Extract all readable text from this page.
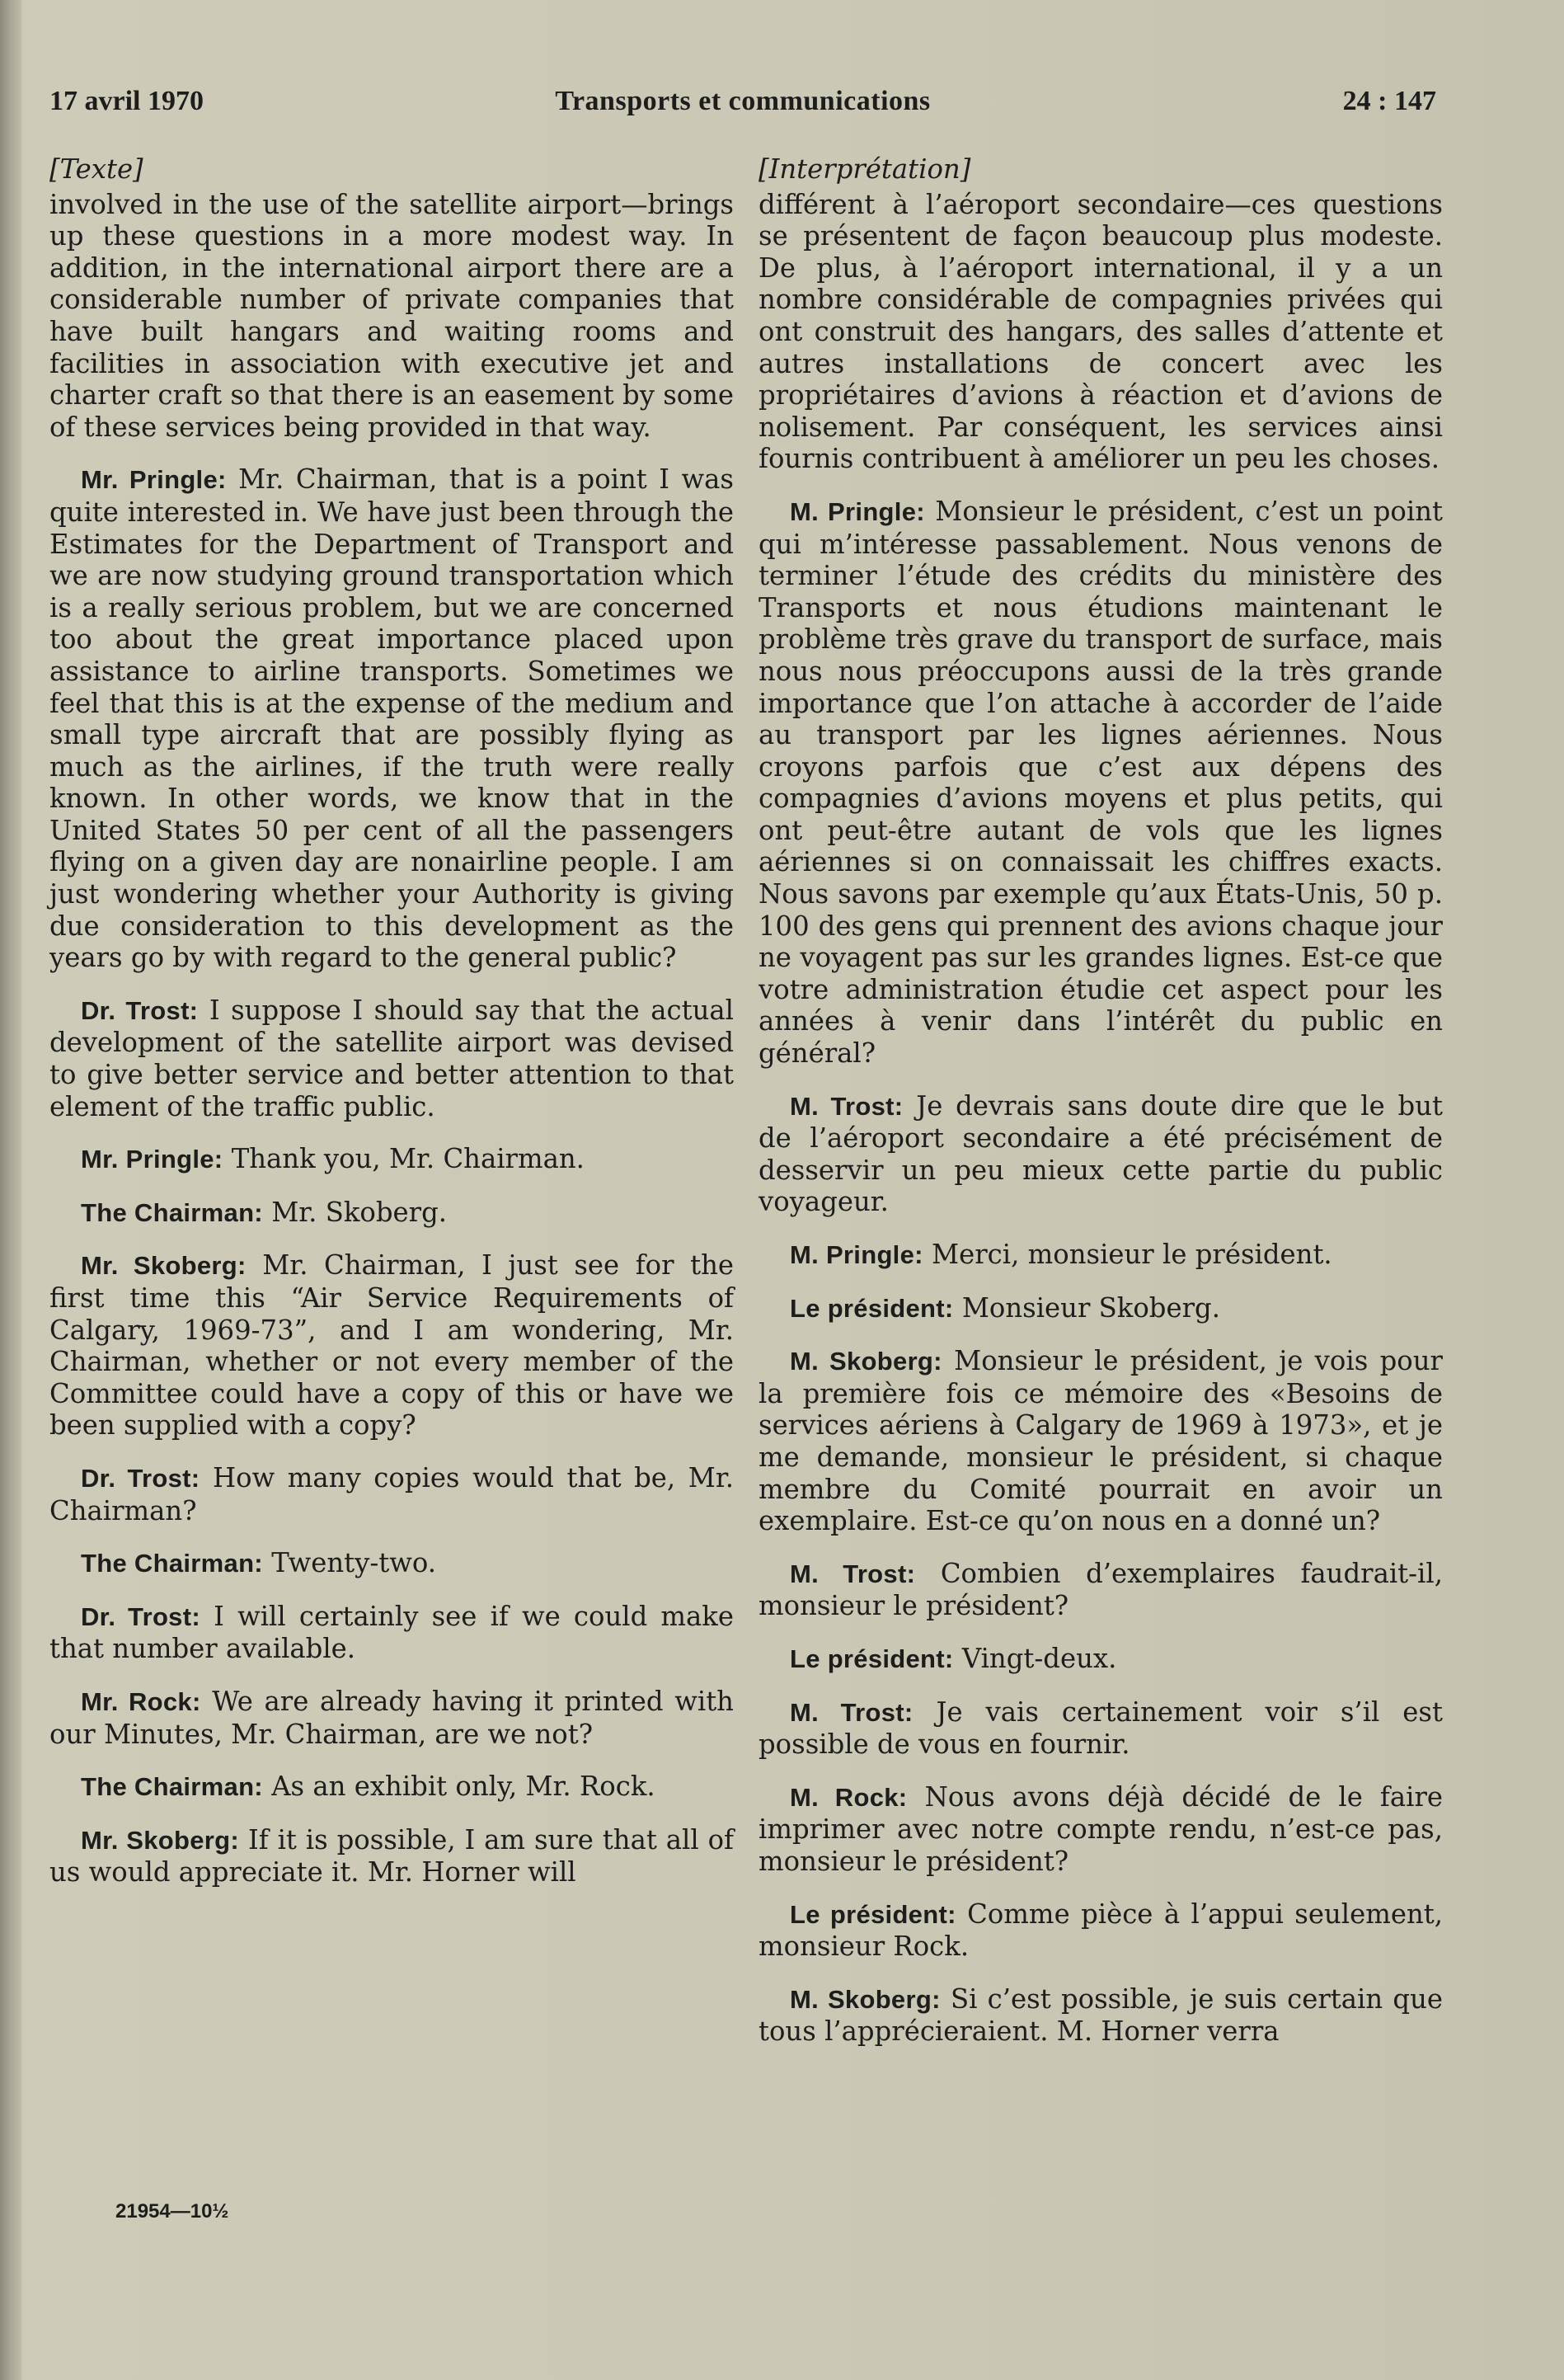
17 avril 1970	Transports et communications	24 : 147
[Texte]

involved in the use of the satellite airport—brings up these questions in a more modest way. In addition, in the international airport there are a considerable number of private companies that have built hangars and waiting rooms and facilities in association with executive jet and charter craft so that there is an easement by some of these services being provided in that way.

Mr. Pringle: Mr. Chairman, that is a point I was quite interested in. We have just been through the Estimates for the Department of Transport and we are now studying ground transportation which is a really serious problem, but we are concerned too about the great importance placed upon assistance to airline transports. Sometimes we feel that this is at the expense of the medium and small type aircraft that are possibly flying as much as the airlines, if the truth were really known. In other words, we know that in the United States 50 per cent of all the passengers flying on a given day are nonairline people. I am just wondering whether your Authority is giving due consideration to this development as the years go by with regard to the general public?

Dr. Trost: I suppose I should say that the actual development of the satellite airport was devised to give better service and better attention to that element of the traffic public.

Mr. Pringle: Thank you, Mr. Chairman.

The Chairman: Mr. Skoberg.

Mr. Skoberg: Mr. Chairman, I just see for the first time this “Air Service Requirements of Calgary, 1969-73”, and I am wondering, Mr. Chairman, whether or not every member of the Committee could have a copy of this or have we been supplied with a copy?

Dr. Trost: How many copies would that be, Mr. Chairman?

The Chairman: Twenty-two.

Dr. Trost: I will certainly see if we could make that number available.

Mr. Rock: We are already having it printed with our Minutes, Mr. Chairman, are we not?

The Chairman: As an exhibit only, Mr. Rock.

Mr. Skoberg: If it is possible, I am sure that all of us would appreciate it. Mr. Horner will

[Interprétation]

différent à l’aéroport secondaire—ces questions se présentent de façon beaucoup plus modeste. De plus, à l’aéroport international, il y a un nombre considérable de compagnies privées qui ont construit des hangars, des salles d’attente et autres installations de concert avec les propriétaires d’avions à réaction et d’avions de nolisement. Par conséquent, les services ainsi fournis contribuent à améliorer un peu les choses.

M. Pringle: Monsieur le président, c’est un point qui m’intéresse passablement. Nous venons de terminer l’étude des crédits du ministère des Transports et nous étudions maintenant le problème très grave du transport de surface, mais nous nous préoccupons aussi de la très grande importance que l’on attache à accorder de l’aide au transport par les lignes aériennes. Nous croyons parfois que c’est aux dépens des compagnies d’avions moyens et plus petits, qui ont peut-être autant de vols que les lignes aériennes si on connaissait les chiffres exacts. Nous savons par exemple qu’aux États-Unis, 50 p. 100 des gens qui prennent des avions chaque jour ne voyagent pas sur les grandes lignes. Est-ce que votre administration étudie cet aspect pour les années à venir dans l’intérêt du public en général?

M. Trost: Je devrais sans doute dire que le but de l’aéroport secondaire a été précisément de desservir un peu mieux cette partie du public voyageur.

M. Pringle: Merci, monsieur le président.

Le président: Monsieur Skoberg.

M. Skoberg: Monsieur le président, je vois pour la première fois ce mémoire des «Besoins de services aériens à Calgary de 1969 à 1973», et je me demande, monsieur le président, si chaque membre du Comité pourrait en avoir un exemplaire. Est-ce qu’on nous en a donné un?

M. Trost: Combien d’exemplaires faudrait-il, monsieur le président?

Le président: Vingt-deux.

M. Trost: Je vais certainement voir s’il est possible de vous en fournir.

M. Rock: Nous avons déjà décidé de le faire imprimer avec notre compte rendu, n’est-ce pas, monsieur le président?

Le président: Comme pièce à l’appui seulement, monsieur Rock.

M. Skoberg: Si c’est possible, je suis certain que tous l’apprécieraient. M. Horner verra

21954—10½
